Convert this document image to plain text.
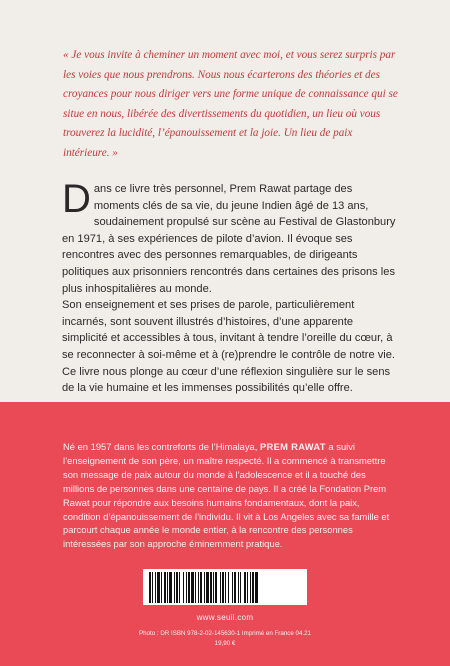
« Je vous invite à cheminer un moment avec moi, et vous serez surpris par les voies que nous prendrons. Nous nous écarterons des théories et des croyances pour nous diriger vers une forme unique de connaissance qui se situe en nous, libérée des divertissements du quotidien, un lieu où vous trouverez la lucidité, l’épanouissement et la joie. Un lieu de paix intérieure. »

Dans ce livre très personnel, Prem Rawat partage des moments clés de sa vie, du jeune Indien âgé de 13 ans, soudainement propulsé sur scène au Festival de Glastonbury en 1971, à ses expériences de pilote d’avion. Il évoque ses rencontres avec des personnes remarquables, de dirigeants politiques aux prisonniers rencontrés dans certaines des prisons les plus inhospitalières au monde.

Son enseignement et ses prises de parole, particulièrement incarnés, sont souvent illustrés d’histoires, d’une apparente simplicité et accessibles à tous, invitant à tendre l’oreille du cœur, à se reconnecter à soi-même et à (re)prendre le contrôle de notre vie.

Ce livre nous plonge au cœur d’une réflexion singulière sur le sens de la vie humaine et les immenses possibilités qu’elle offre.

Né en 1957 dans les contreforts de l’Himalaya, PREM RAWAT a suivi l’enseignement de son père, un maître respecté. Il a commencé à transmettre son message de paix autour du monde à l’adolescence et il a touché des millions de personnes dans une centaine de pays. Il a créé la Fondation Prem Rawat pour répondre aux besoins humains fondamentaux, dont la paix, condition d’épanouissement de l’individu. Il vit à Los Angeles avec sa famille et parcourt chaque année le monde entier, à la rencontre des personnes intéressées par son approche éminemment pratique.

www.seuil.com

Photo : DR ISBN 978-2-02-145630-1 Imprimé en France 04.21

19,90 €
